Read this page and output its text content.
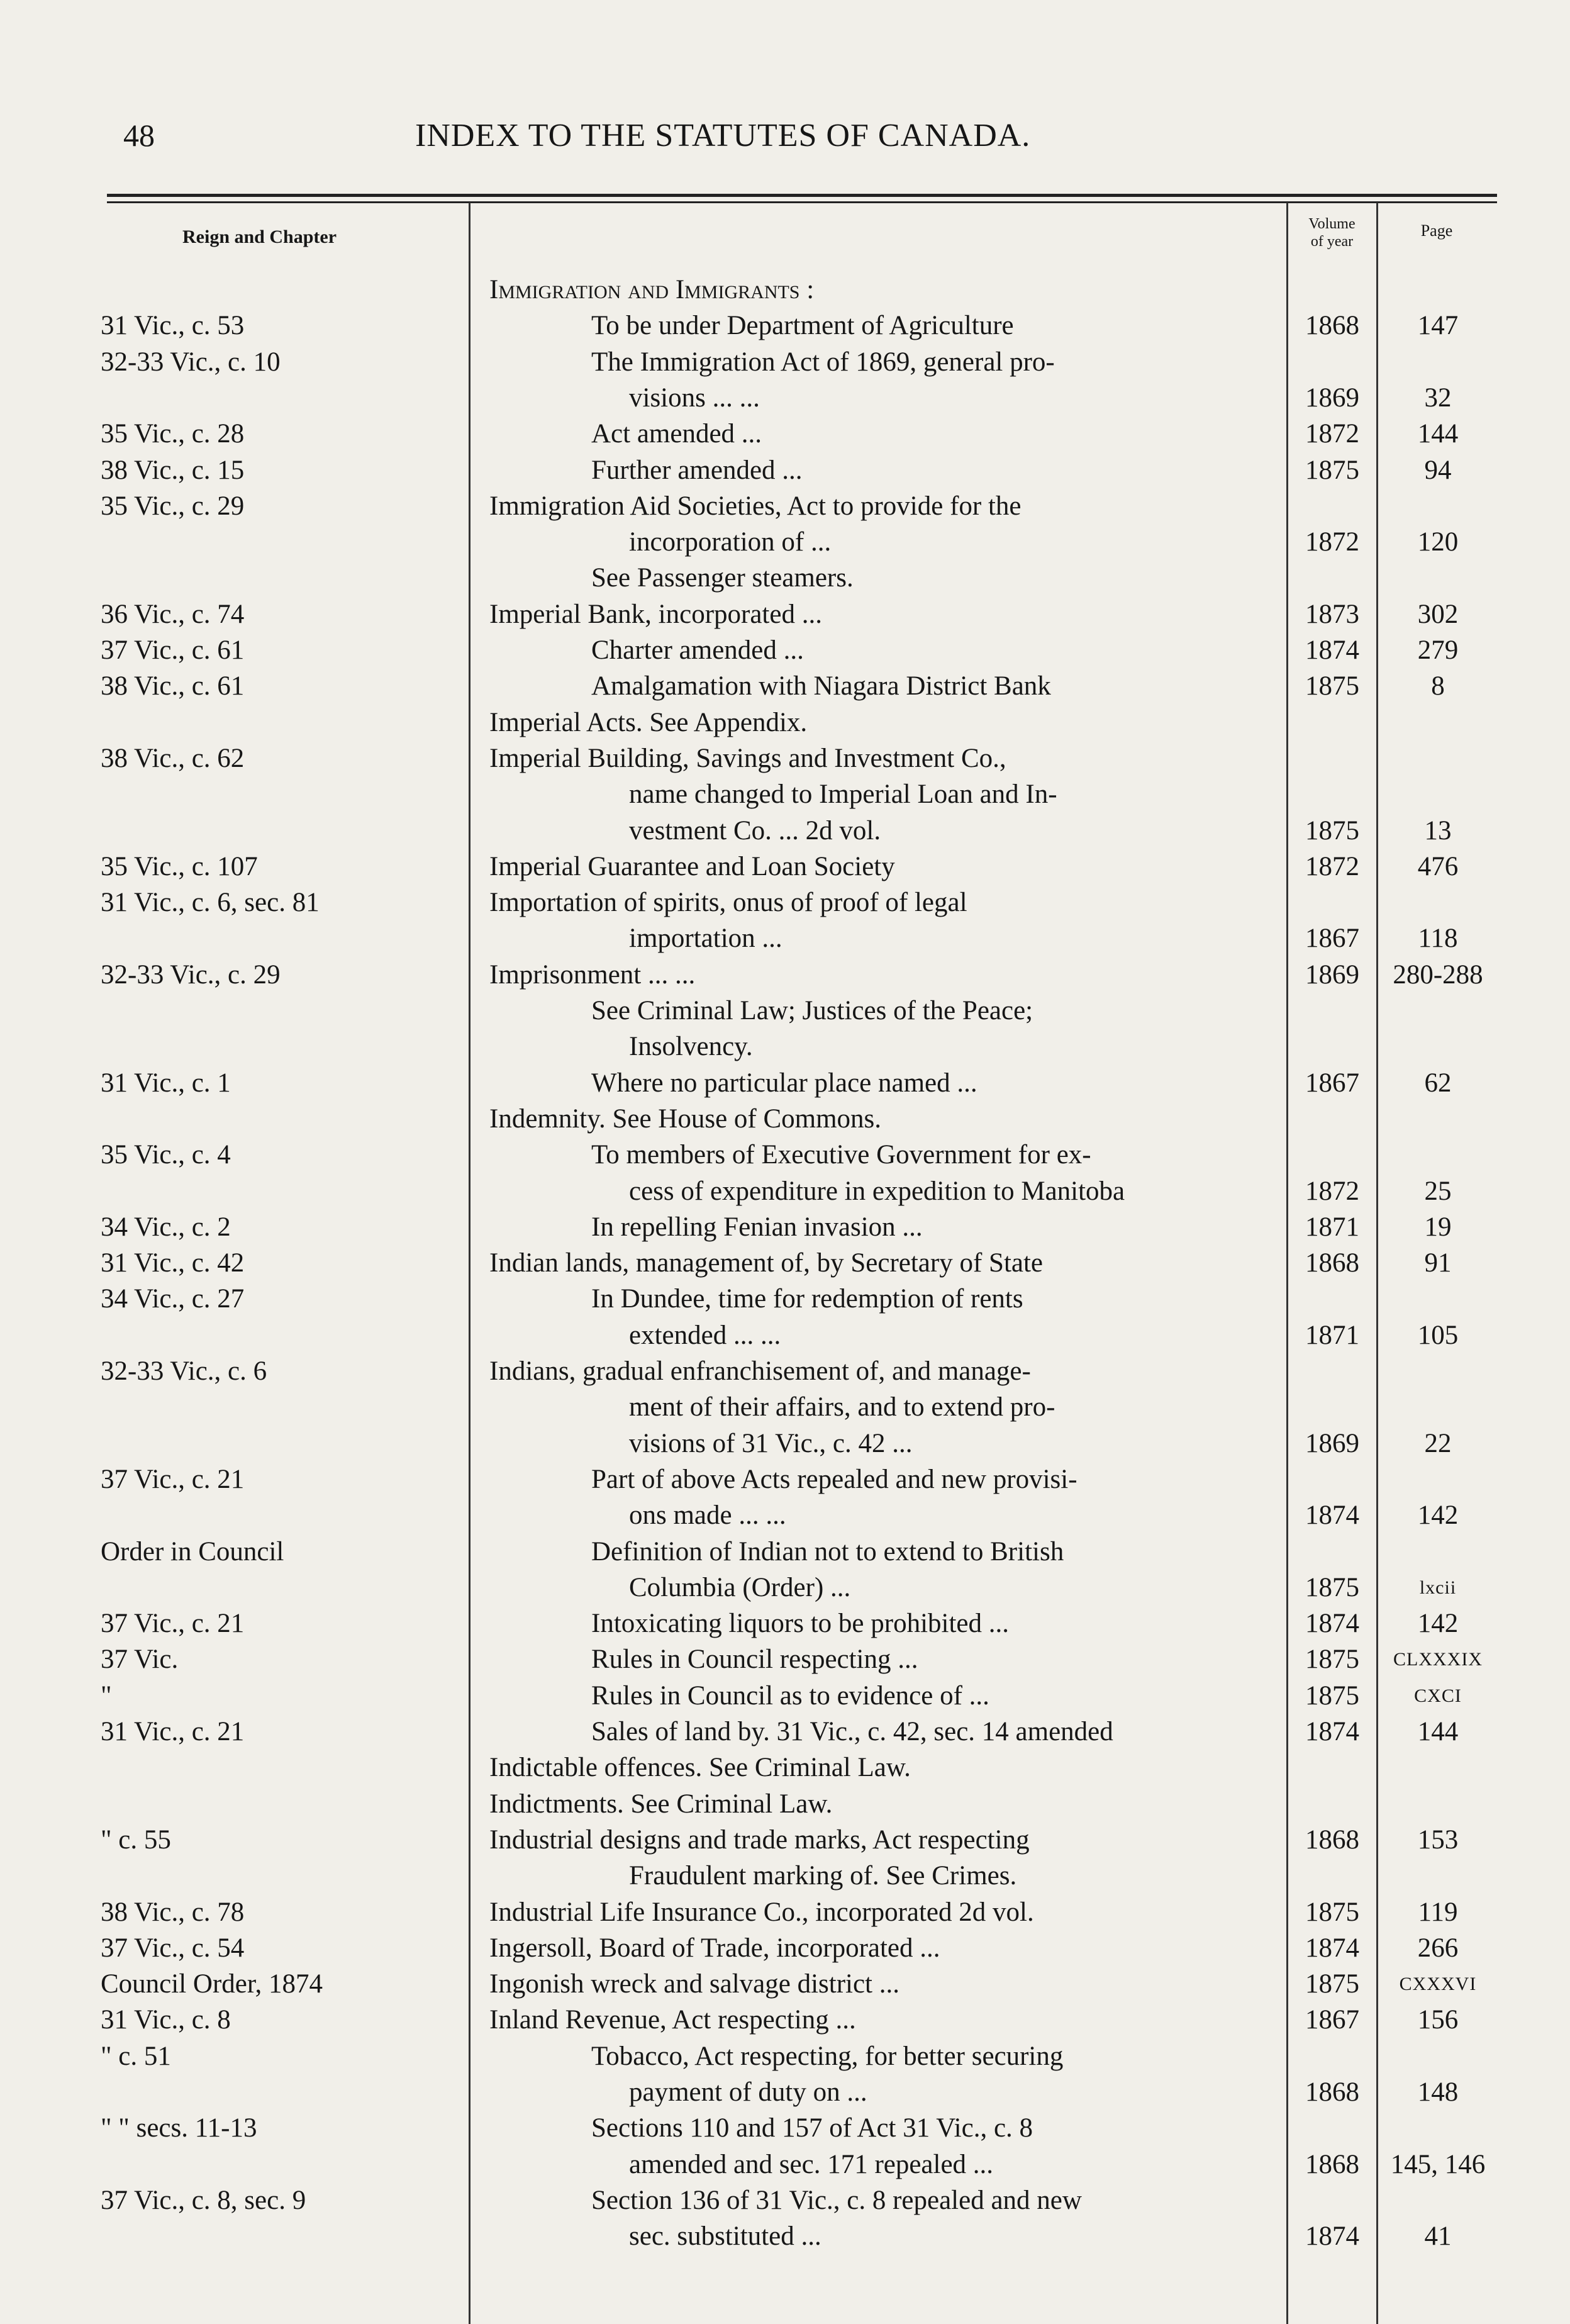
48	INDEX TO THE STATUTES OF CANADA.
Reign and Chapter
Volume
of year
Page
Immigration and Immigrants :
31 Vic., c. 53	To be under Department of Agriculture	1868	147
32-33 Vic., c. 10	The Immigration Act of 1869, general pro-
visions ... ...	1869	32
35 Vic., c. 28	Act amended ...	1872	144
38 Vic., c. 15	Further amended ...	1875	94
35 Vic., c. 29	Immigration Aid Societies, Act to provide for the
incorporation of ...	1872	120
See Passenger steamers.
36 Vic., c. 74	Imperial Bank, incorporated ...	1873	302
37 Vic., c. 61	Charter amended ...	1874	279
38 Vic., c. 61	Amalgamation with Niagara District Bank	1875	8
Imperial Acts. See Appendix.
38 Vic., c. 62	Imperial Building, Savings and Investment Co.,
name changed to Imperial Loan and In-
vestment Co. ... 2d vol.	1875	13
35 Vic., c. 107	Imperial Guarantee and Loan Society	1872	476
31 Vic., c. 6, sec. 81	Importation of spirits, onus of proof of legal
importation ...	1867	118
32-33 Vic., c. 29	Imprisonment ... ...	1869	280-288
See Criminal Law; Justices of the Peace;
Insolvency.
31 Vic., c. 1	Where no particular place named ...	1867	62
Indemnity. See House of Commons.
35 Vic., c. 4	To members of Executive Government for ex-
cess of expenditure in expedition to Manitoba	1872	25
34 Vic., c. 2	In repelling Fenian invasion ...	1871	19
31 Vic., c. 42	Indian lands, management of, by Secretary of State	1868	91
34 Vic., c. 27	In Dundee, time for redemption of rents
extended ... ...	1871	105
32-33 Vic., c. 6	Indians, gradual enfranchisement of, and manage-
ment of their affairs, and to extend pro-
visions of 31 Vic., c. 42 ...	1869	22
37 Vic., c. 21	Part of above Acts repealed and new provisi-
ons made ... ...	1874	142
Order in Council	Definition of Indian not to extend to British
Columbia (Order) ...	1875	lxcii
37 Vic., c. 21	Intoxicating liquors to be prohibited ...	1874	142
37 Vic.	Rules in Council respecting ...	1875	CLXXXIX
"	Rules in Council as to evidence of ...	1875	CXCI
31 Vic., c. 21	Sales of land by. 31 Vic., c. 42, sec. 14 amended	1874	144
Indictable offences. See Criminal Law.
Indictments. See Criminal Law.
" c. 55	Industrial designs and trade marks, Act respecting	1868	153
Fraudulent marking of. See Crimes.
38 Vic., c. 78	Industrial Life Insurance Co., incorporated 2d vol.	1875	119
37 Vic., c. 54	Ingersoll, Board of Trade, incorporated ...	1874	266
Council Order, 1874	Ingonish wreck and salvage district ...	1875	CXXXVI
31 Vic., c. 8	Inland Revenue, Act respecting ...	1867	156
" c. 51	Tobacco, Act respecting, for better securing
payment of duty on ...	1868	148
" " secs. 11-13	Sections 110 and 157 of Act 31 Vic., c. 8
amended and sec. 171 repealed ...	1868	145, 146
37 Vic., c. 8, sec. 9	Section 136 of 31 Vic., c. 8 repealed and new
sec. substituted ...	1874	41
